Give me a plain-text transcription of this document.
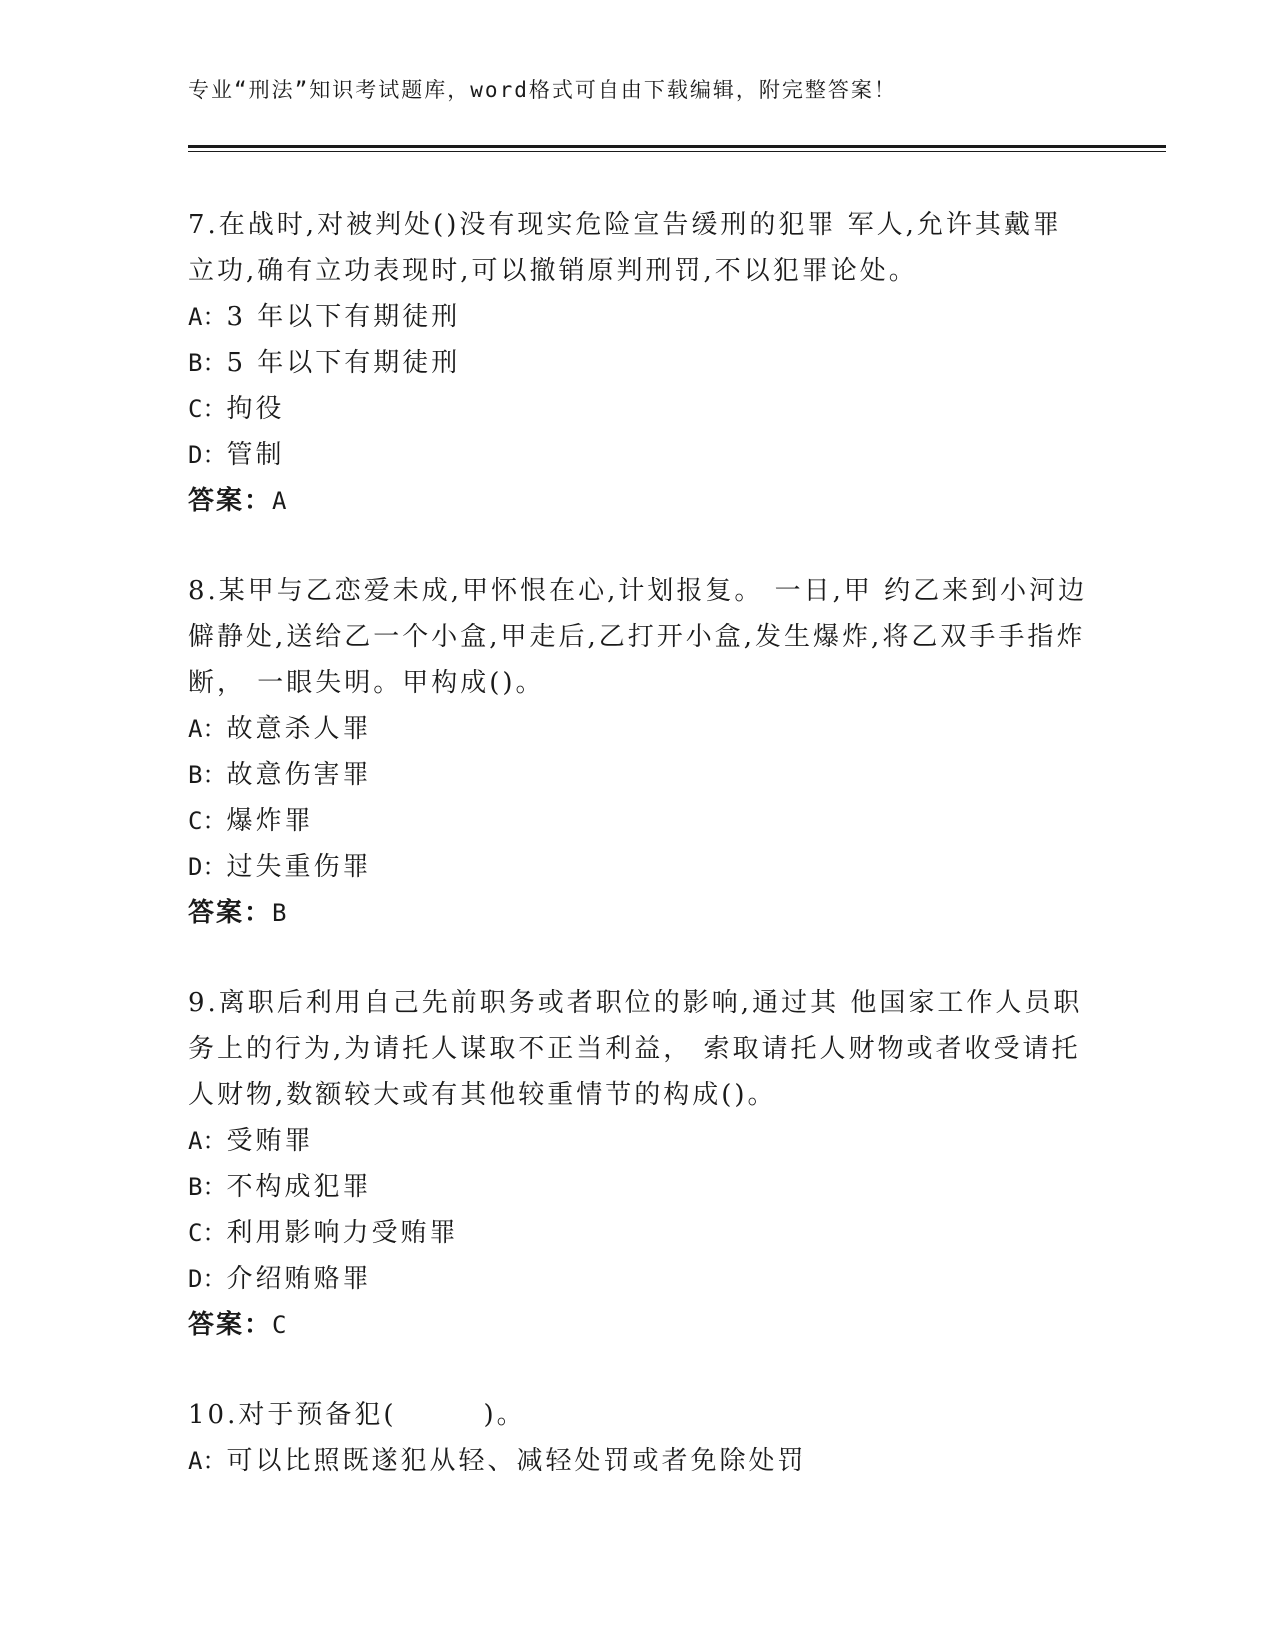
专业“刑法”知识考试题库，word格式可自由下载编辑，附完整答案！

7.在战时,对被判处()没有现实危险宣告缓刑的犯罪 军人,允许其戴罪立功,确有立功表现时,可以撤销原判刑罚,不以犯罪论处。

A：3 年以下有期徒刑
B：5 年以下有期徒刑
C：拘役
D：管制
答案：A

8.某甲与乙恋爱未成,甲怀恨在心,计划报复。 一日,甲 约乙来到小河边僻静处,送给乙一个小盒,甲走后,乙打开小盒,发生爆炸,将乙双手手指炸断， 一眼失明。甲构成()。

A：故意杀人罪
B：故意伤害罪
C：爆炸罪
D：过失重伤罪
答案：B

9.离职后利用自己先前职务或者职位的影响,通过其 他国家工作人员职务上的行为,为请托人谋取不正当利益， 索取请托人财物或者收受请托人财物,数额较大或有其他较重情节的构成()。

A：受贿罪
B：不构成犯罪
C：利用影响力受贿罪
D：介绍贿赂罪
答案：C

10.对于预备犯(　　　)。

A：可以比照既遂犯从轻、减轻处罚或者免除处罚
